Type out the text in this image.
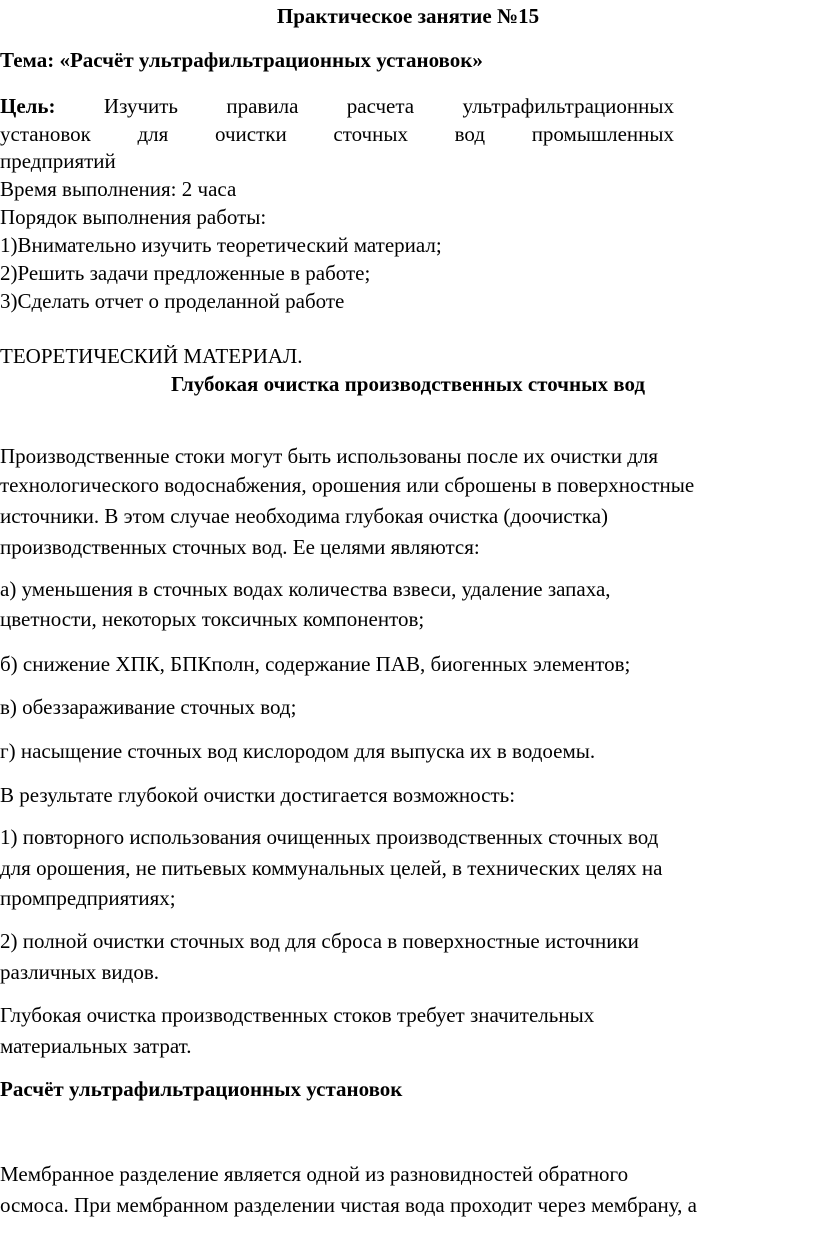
Практическое занятие №15
Тема: «Расчёт ультрафильтрационных установок»
Цель: Изучить правила расчета ультрафильтрационных
установок для очистки сточных вод промышленных
предприятий
Время выполнения: 2 часа
Порядок выполнения работы:
1)Внимательно изучить теоретический материал;
2)Решить задачи предложенные в работе;
3)Сделать отчет о проделанной работе
ТЕОРЕТИЧЕСКИЙ МАТЕРИАЛ.
Глубокая очистка производственных сточных вод
Производственные стоки могут быть использованы после их очистки для
технологического водоснабжения, орошения или сброшены в поверхностные
источники. В этом случае необходима глубокая очистка (доочистка)
производственных сточных вод. Ее целями являются:
а) уменьшения в сточных водах количества взвеси, удаление запаха,
цветности, некоторых токсичных компонентов;
б) снижение ХПК, БПКполн, содержание ПАВ, биогенных элементов;
в) обеззараживание сточных вод;
г) насыщение сточных вод кислородом для выпуска их в водоемы.
В результате глубокой очистки достигается возможность:
1) повторного использования очищенных производственных сточных вод
для орошения, не питьевых коммунальных целей, в технических целях на
промпредприятиях;
2) полной очистки сточных вод для сброса в поверхностные источники
различных видов.
Глубокая очистка производственных стоков требует значительных
материальных затрат.
Расчёт ультрафильтрационных установок
Мембранное разделение является одной из разновидностей обратного
осмоса. При мембранном разделении чистая вода проходит через мембрану, а
